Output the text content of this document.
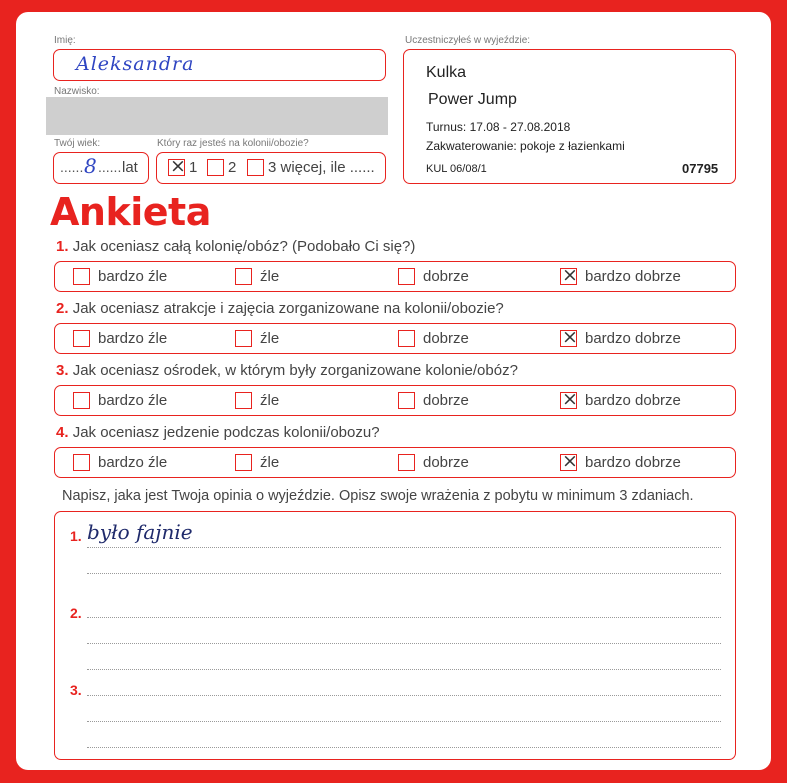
Imię:
Aleksandra
Nazwisko:
Twój wiek:
...... 8 ...... lat
Który raz jesteś na kolonii/obozie?
×
1 2 3 więcej, ile ......
Uczestniczyłeś w wyjeździe:
Kulka
Power Jump
Turnus: 17.08 - 27.08.2018
Zakwaterowanie: pokoje z łazienkami
KUL 06/08/1	07795
Ankieta
1. Jak oceniasz całą kolonię/obóz? (Podobało Ci się?)
bardzo źle	źle	dobrze ×	bardzo dobrze
2. Jak oceniasz atrakcje i zajęcia zorganizowane na kolonii/obozie?
bardzo źle	źle	dobrze ×	bardzo dobrze
3. Jak oceniasz ośrodek, w którym były zorganizowane kolonie/obóz?
bardzo źle	źle	dobrze ×	bardzo dobrze
4. Jak oceniasz jedzenie podczas kolonii/obozu?
bardzo źle	źle	dobrze ×	bardzo dobrze
Napisz, jaka jest Twoja opinia o wyjeździe. Opisz swoje wrażenia z pobytu w minimum 3 zdaniach.
1. było fajnie
2.
3.
